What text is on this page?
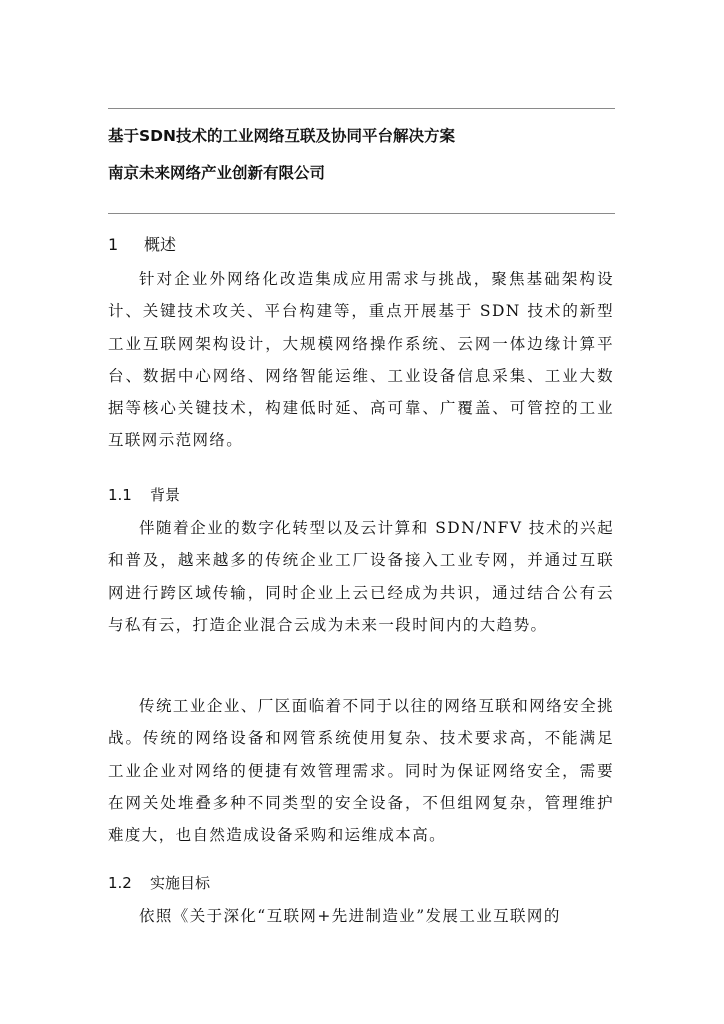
基于SDN技术的工业网络互联及协同平台解决方案

南京未来网络产业创新有限公司

1 概述

针对企业外网络化改造集成应用需求与挑战，聚焦基础架构设计、关键技术攻关、平台构建等，重点开展基于 SDN 技术的新型工业互联网架构设计，大规模网络操作系统、云网一体边缘计算平台、数据中心网络、网络智能运维、工业设备信息采集、工业大数据等核心关键技术，构建低时延、高可靠、广覆盖、可管控的工业互联网示范网络。

1.1 背景

伴随着企业的数字化转型以及云计算和 SDN/NFV 技术的兴起和普及，越来越多的传统企业工厂设备接入工业专网，并通过互联网进行跨区域传输，同时企业上云已经成为共识，通过结合公有云与私有云，打造企业混合云成为未来一段时间内的大趋势。

传统工业企业、厂区面临着不同于以往的网络互联和网络安全挑战。传统的网络设备和网管系统使用复杂、技术要求高，不能满足工业企业对网络的便捷有效管理需求。同时为保证网络安全，需要在网关处堆叠多种不同类型的安全设备，不但组网复杂，管理维护难度大，也自然造成设备采购和运维成本高。

1.2 实施目标

依照《关于深化“互联网+先进制造业”发展工业互联网的
